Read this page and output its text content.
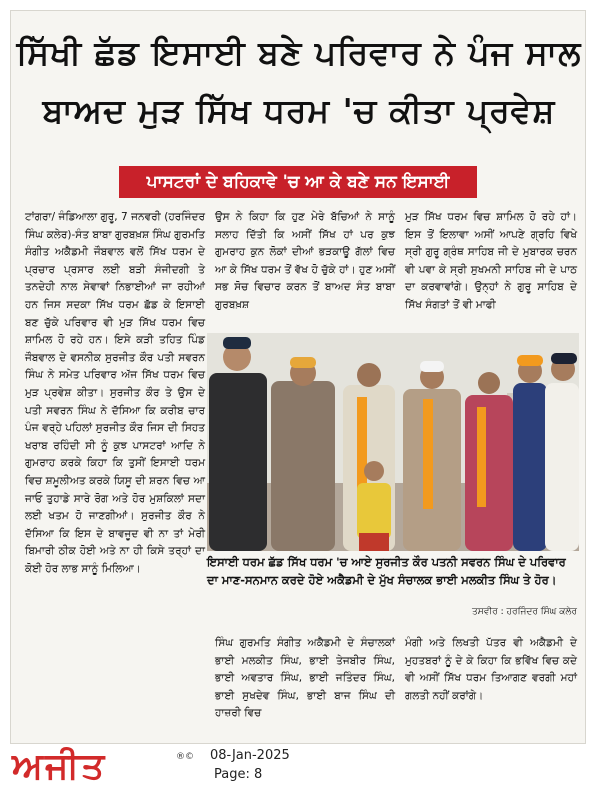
ਸਿੱਖੀ ਛੱਡ ਇਸਾਈ ਬਣੇ ਪਰਿਵਾਰ ਨੇ ਪੰਜ ਸਾਲ
ਬਾਅਦ ਮੁੜ ਸਿੱਖ ਧਰਮ 'ਚ ਕੀਤਾ ਪ੍ਰਵੇਸ਼
ਪਾਸਟਰਾਂ ਦੇ ਬਹਿਕਾਵੇ 'ਚ ਆ ਕੇ ਬਣੇ ਸਨ ਇਸਾਈ
ਟਾਂਗਰਾ/ ਜੰਡਿਆਲਾ ਗੁਰੂ, 7 ਜਨਵਰੀ (ਹਰਜਿੰਦਰ ਸਿੰਘ ਕਲੇਰ)-ਸੰਤ ਬਾਬਾ ਗੁਰਬਖ਼ਸ਼ ਸਿੰਘ ਗੁਰਮਤਿ ਸੰਗੀਤ ਅਕੈਡਮੀ ਜੌਬਵਾਲ ਵਲੋਂ ਸਿੱਖ ਧਰਮ ਦੇ ਪ੍ਰਚਾਰ ਪ੍ਰਸਾਰ ਲਈ ਬੜੀ ਸੰਜੀਦਗੀ ਤੇ ਤਨਦੇਹੀ ਨਾਲ ਸੇਵਾਵਾਂ ਨਿਭਾਈਆਂ ਜਾ ਰਹੀਆਂ ਹਨ ਜਿਸ ਸਦਕਾ ਸਿੱਖ ਧਰਮ ਛੱਡ ਕੇ ਇਸਾਈ ਬਣ ਚੁੱਕੇ ਪਰਿਵਾਰ ਵੀ ਮੁੜ ਸਿੱਖ ਧਰਮ ਵਿਚ ਸ਼ਾਮਿਲ ਹੋ ਰਹੇ ਹਨ। ਇਸੇ ਕੜੀ ਤਹਿਤ ਪਿੰਡ ਜੌਬਵਾਲ ਦੇ ਵਸਨੀਕ ਸੁਰਜੀਤ ਕੌਰ ਪਤੀ ਸਵਰਨ ਸਿੰਘ ਨੇ ਸਮੇਤ ਪਰਿਵਾਰ ਅੱਜ ਸਿੱਖ ਧਰਮ ਵਿਚ ਮੁੜ ਪ੍ਰਵੇਸ਼ ਕੀਤਾ। ਸੁਰਜੀਤ ਕੌਰ ਤੇ ਉਸ ਦੇ ਪਤੀ ਸਵਰਨ ਸਿੰਘ ਨੇ ਦੱਸਿਆ ਕਿ ਕਰੀਬ ਚਾਰ ਪੰਜ ਵਰ੍ਹੇ ਪਹਿਲਾਂ ਸੁਰਜੀਤ ਕੌਰ ਜਿਸ ਦੀ ਸਿਹਤ ਖਰਾਬ ਰਹਿੰਦੀ ਸੀ ਨੂੰ ਕੁਝ ਪਾਸਟਰਾਂ ਆਦਿ ਨੇ ਗੁਮਰਾਹ ਕਰਕੇ ਕਿਹਾ ਕਿ ਤੁਸੀਂ ਇਸਾਈ ਧਰਮ ਵਿਚ ਸ਼ਮੂਲੀਅਤ ਕਰਕੇ ਯਿਸੂ ਦੀ ਸ਼ਰਨ ਵਿਚ ਆ ਜਾਓ ਤੁਹਾਡੇ ਸਾਰੇ ਰੋਗ ਅਤੇ ਹੋਰ ਮੁਸ਼ਕਿਲਾਂ ਸਦਾ ਲਈ ਖਤਮ ਹੋ ਜਾਣਗੀਆਂ। ਸੁਰਜੀਤ ਕੌਰ ਨੇ ਦੱਸਿਆ ਕਿ ਇਸ ਦੇ ਬਾਵਜੂਦ ਵੀ ਨਾ ਤਾਂ ਮੇਰੀ ਬਿਮਾਰੀ ਠੀਕ ਹੋਈ ਅਤੇ ਨਾ ਹੀ ਕਿਸੇ ਤਰ੍ਹਾਂ ਦਾ ਕੋਈ ਹੋਰ ਲਾਭ ਸਾਨੂੰ ਮਿਲਿਆ।
ਉਸ ਨੇ ਕਿਹਾ ਕਿ ਹੁਣ ਮੇਰੇ ਬੱਚਿਆਂ ਨੇ ਸਾਨੂੰ ਸਲਾਹ ਦਿੱਤੀ ਕਿ ਅਸੀਂ ਸਿੱਖ ਹਾਂ ਪਰ ਕੁਝ ਗੁਮਰਾਹ ਕੁਨ ਲੋਕਾਂ ਦੀਆਂ ਭੜਕਾਊ ਗੱਲਾਂ ਵਿਚ ਆ ਕੇ ਸਿੱਖ ਧਰਮ ਤੋਂ ਵੱਖ ਹੋ ਚੁੱਕੇ ਹਾਂ। ਹੁਣ ਅਸੀਂ ਸਭ ਸੋਚ ਵਿਚਾਰ ਕਰਨ ਤੋਂ ਬਾਅਦ ਸੰਤ ਬਾਬਾ ਗੁਰਬਖ਼ਸ਼
ਮੁੜ ਸਿੱਖ ਧਰਮ ਵਿਚ ਸ਼ਾਮਿਲ ਹੋ ਰਹੇ ਹਾਂ। ਇਸ ਤੋਂ ਇਲਾਵਾ ਅਸੀਂ ਆਪਣੇ ਗ੍ਰਹਿ ਵਿਖੇ ਸ੍ਰੀ ਗੁਰੂ ਗ੍ਰੰਥ ਸਾਹਿਬ ਜੀ ਦੇ ਮੁਬਾਰਕ ਚਰਨ ਵੀ ਪਵਾ ਕੇ ਸ੍ਰੀ ਸੁਖਮਨੀ ਸਾਹਿਬ ਜੀ ਦੇ ਪਾਠ ਦਾ ਕਰਵਾਵਾਂਗੇ। ਉਨ੍ਹਾਂ ਨੇ ਗੁਰੂ ਸਾਹਿਬ ਦੇ ਸਿੱਖ ਸੰਗਤਾਂ ਤੋਂ ਵੀ ਮਾਫੀ
ਇਸਾਈ ਧਰਮ ਛੱਡ ਸਿੱਖ ਧਰਮ 'ਚ ਆਏ ਸੁਰਜੀਤ ਕੌਰ ਪਤਨੀ ਸਵਰਨ ਸਿੰਘ ਦੇ ਪਰਿਵਾਰ ਦਾ ਮਾਣ-ਸਨਮਾਨ ਕਰਦੇ ਹੋਏ ਅਕੈਡਮੀ ਦੇ ਮੁੱਖ ਸੰਚਾਲਕ ਭਾਈ ਮਲਕੀਤ ਸਿੰਘ ਤੇ ਹੋਰ।
ਤਸਵੀਰ : ਹਰਜਿੰਦਰ ਸਿੰਘ ਕਲੇਰ
ਸਿੰਘ ਗੁਰਮਤਿ ਸੰਗੀਤ ਅਕੈਡਮੀ ਦੇ ਸੰਚਾਲਕਾਂ ਭਾਈ ਮਲਕੀਤ ਸਿੰਘ, ਭਾਈ ਤੇਜਬੀਰ ਸਿੰਘ, ਭਾਈ ਅਵਤਾਰ ਸਿੰਘ, ਭਾਈ ਜਤਿੰਦਰ ਸਿੰਘ, ਭਾਈ ਸੁਖਦੇਵ ਸਿੰਘ, ਭਾਈ ਬਾਜ ਸਿੰਘ ਦੀ ਹਾਜ਼ਰੀ ਵਿਚ
ਮੰਗੀ ਅਤੇ ਲਿਖਤੀ ਪੱਤਰ ਵੀ ਅਕੈਡਮੀ ਦੇ ਮੁਹਤਬਰਾਂ ਨੂੰ ਦੇ ਕੇ ਕਿਹਾ ਕਿ ਭਵਿੱਖ ਵਿਚ ਕਦੇ ਵੀ ਅਸੀਂ ਸਿੱਖ ਧਰਮ ਤਿਆਗਣ ਵਰਗੀ ਮਹਾਂ ਗਲਤੀ ਨਹੀਂ ਕਰਾਂਗੇ।
ਅਜੀਤ	®© 08-Jan-2025
Page: 8
